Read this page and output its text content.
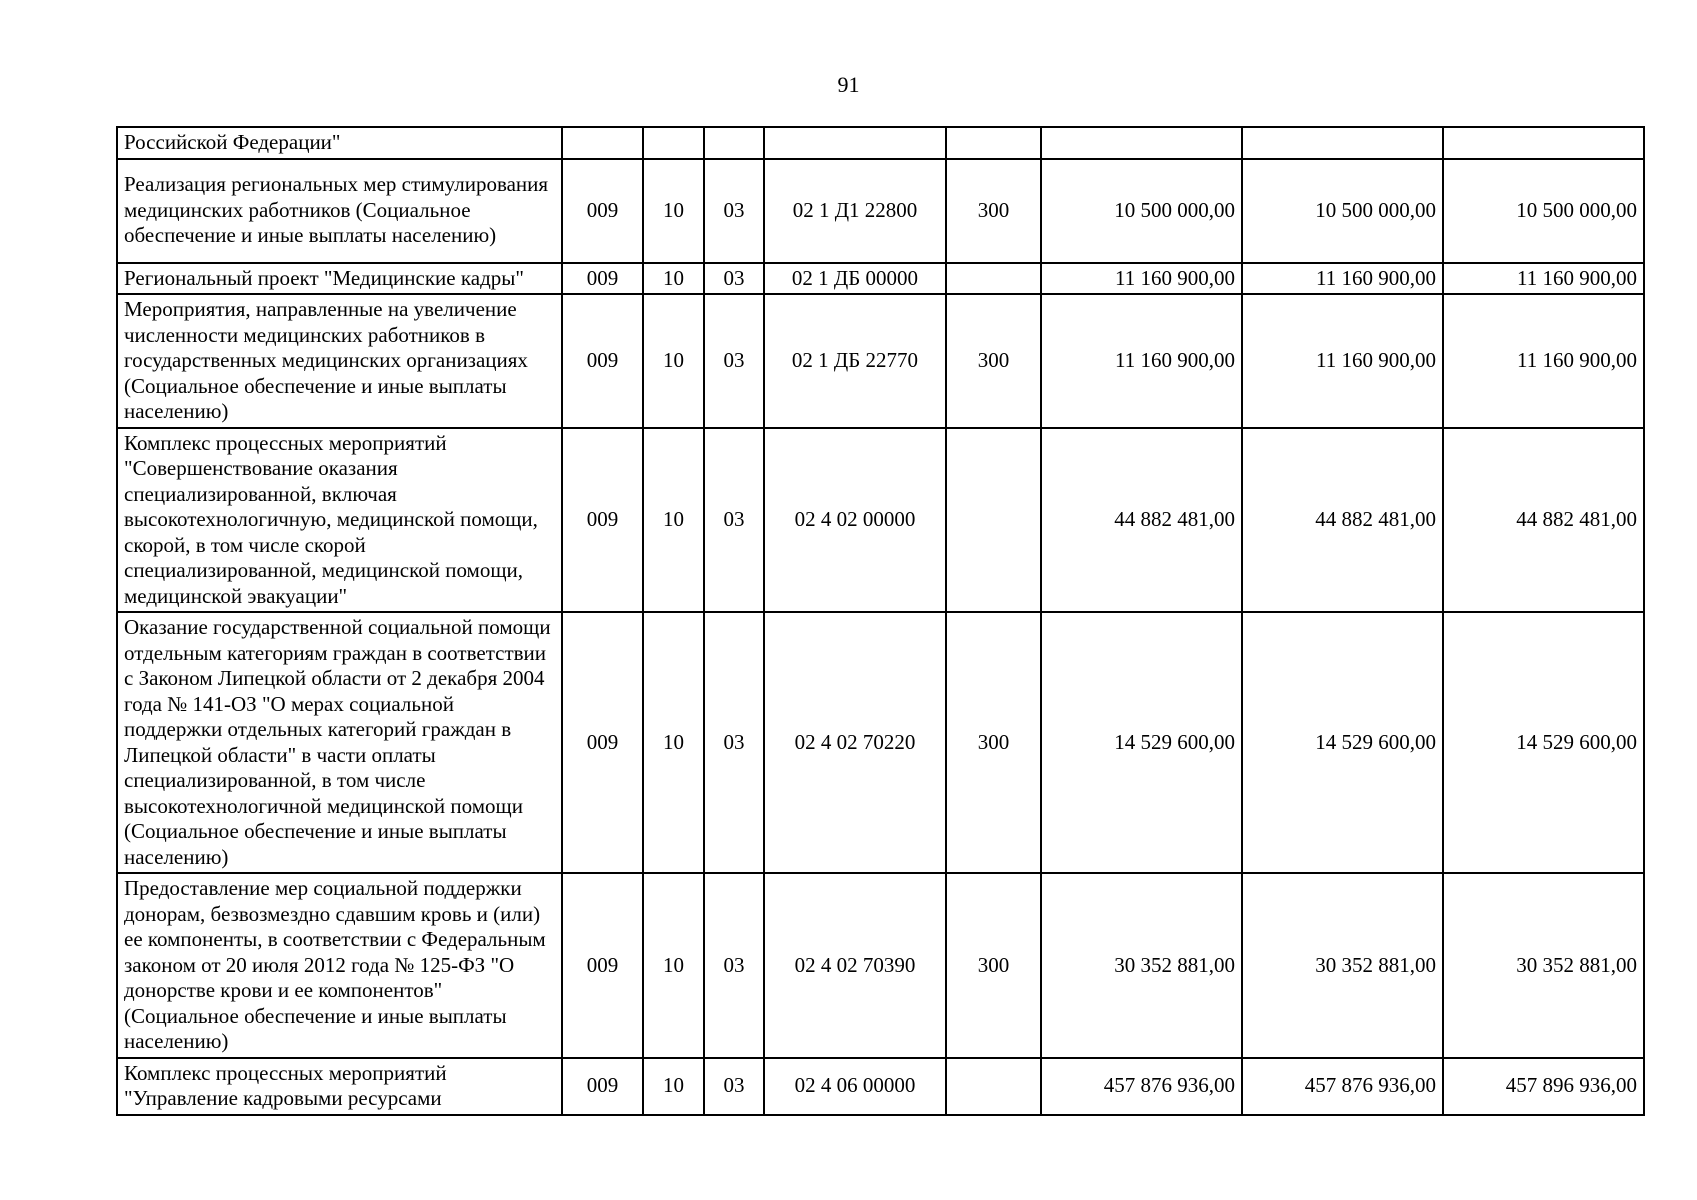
91
Российской Федерации"								
Реализация региональных мер стимулирования медицинских работников (Социальное обеспечение и иные выплаты населению)	009	10	03	02 1 Д1 22800	300	10 500 000,00	10 500 000,00	10 500 000,00
Региональный проект "Медицинские кадры"	009	10	03	02 1 ДБ 00000		11 160 900,00	11 160 900,00	11 160 900,00
Мероприятия, направленные на увеличение численности медицинских работников в государственных медицинских организациях (Социальное обеспечение и иные выплаты населению)	009	10	03	02 1 ДБ 22770	300	11 160 900,00	11 160 900,00	11 160 900,00
Комплекс процессных мероприятий "Совершенствование оказания специализированной, включая высокотехнологичную, медицинской помощи, скорой, в том числе скорой специализированной, медицинской помощи, медицинской эвакуации"	009	10	03	02 4 02 00000		44 882 481,00	44 882 481,00	44 882 481,00
Оказание государственной социальной помощи отдельным категориям граждан в соответствии с Законом Липецкой области от 2 декабря 2004 года № 141-ОЗ "О мерах социальной поддержки отдельных категорий граждан в Липецкой области" в части оплаты специализированной, в том числе высокотехнологичной медицинской помощи (Социальное обеспечение и иные выплаты населению)	009	10	03	02 4 02 70220	300	14 529 600,00	14 529 600,00	14 529 600,00
Предоставление мер социальной поддержки донорам, безвозмездно сдавшим кровь и (или) ее компоненты, в соответствии с Федеральным законом от 20 июля 2012 года № 125-ФЗ "О донорстве крови и ее компонентов" (Социальное обеспечение и иные выплаты населению)	009	10	03	02 4 02 70390	300	30 352 881,00	30 352 881,00	30 352 881,00
Комплекс процессных мероприятий "Управление кадровыми ресурсами	009	10	03	02 4 06 00000		457 876 936,00	457 876 936,00	457 896 936,00
